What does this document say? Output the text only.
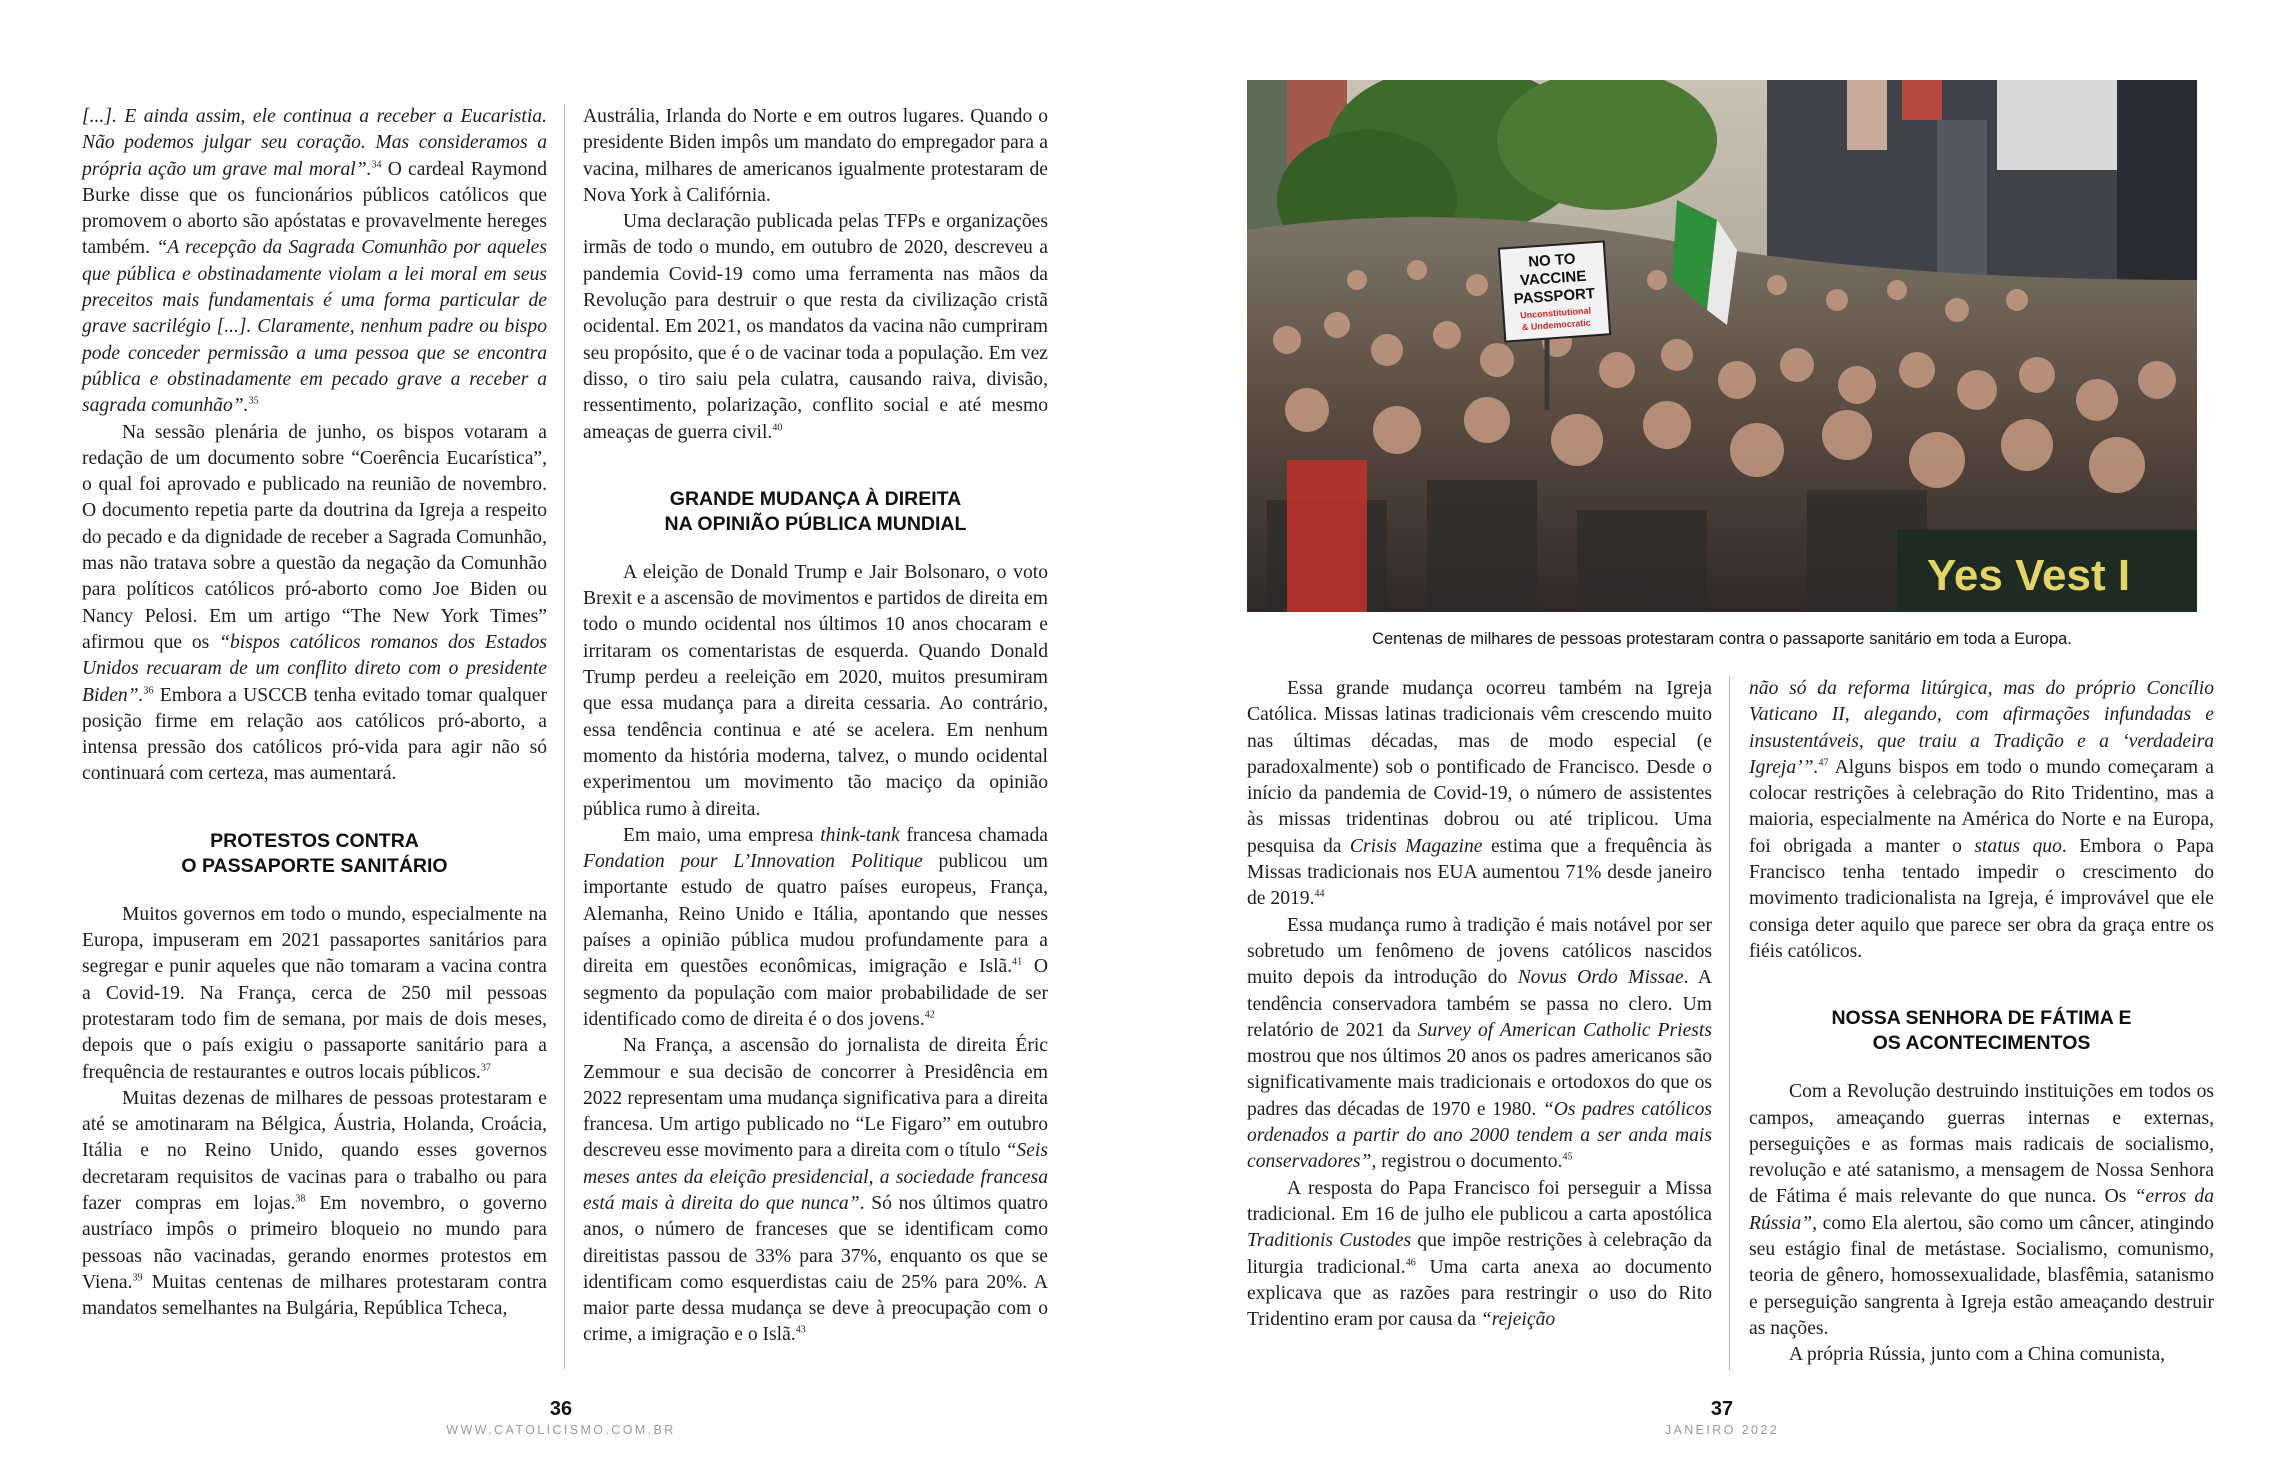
[...]. E ainda assim, ele continua a receber a Eucaristia. Não podemos julgar seu coração. Mas consideramos a própria ação um grave mal moral”.$^{34}$ O cardeal Raymond Burke disse que os funcionários públicos católicos que promovem o aborto são apóstatas e provavelmente hereges também. “A recepção da Sagrada Comunhão por aqueles que pública e obstinadamente violam a lei moral em seus preceitos mais fundamentais é uma forma particular de grave sacrilégio [...]. Claramente, nenhum padre ou bispo pode conceder permissão a uma pessoa que se encontra pública e obstinadamente em pecado grave a receber a sagrada comunhão”.$^{35}$

Na sessão plenária de junho, os bispos votaram a redação de um documento sobre “Coerência Eucarística”, o qual foi aprovado e publicado na reunião de novembro. O documento repetia parte da doutrina da Igreja a respeito do pecado e da dignidade de receber a Sagrada Comunhão, mas não tratava sobre a questão da negação da Comunhão para políticos católicos pró-aborto como Joe Biden ou Nancy Pelosi. Em um artigo “The New York Times” afirmou que os “bispos católicos romanos dos Estados Unidos recuaram de um conflito direto com o presidente Biden”.$^{36}$ Embora a USCCB tenha evitado tomar qualquer posição firme em relação aos católicos pró-aborto, a intensa pressão dos católicos pró-vida para agir não só continuará com certeza, mas aumentará.

PROTESTOS CONTRA
O PASSAPORTE SANITÁRIO

Muitos governos em todo o mundo, especialmente na Europa, impuseram em 2021 passaportes sanitários para segregar e punir aqueles que não tomaram a vacina contra a Covid-19. Na França, cerca de 250 mil pessoas protestaram todo fim de semana, por mais de dois meses, depois que o país exigiu o passaporte sanitário para a frequência de restaurantes e outros locais públicos.$^{37}$

Muitas dezenas de milhares de pessoas protestaram e até se amotinaram na Bélgica, Áustria, Holanda, Croácia, Itália e no Reino Unido, quando esses governos decretaram requisitos de vacinas para o trabalho ou para fazer compras em lojas.$^{38}$ Em novembro, o governo austríaco impôs o primeiro bloqueio no mundo para pessoas não vacinadas, gerando enormes protestos em Viena.$^{39}$ Muitas centenas de milhares protestaram contra mandatos semelhantes na Bulgária, República Tcheca,

Austrália, Irlanda do Norte e em outros lugares. Quando o presidente Biden impôs um mandato do empregador para a vacina, milhares de americanos igualmente protestaram de Nova York à Califórnia.

Uma declaração publicada pelas TFPs e organizações irmãs de todo o mundo, em outubro de 2020, descreveu a pandemia Covid-19 como uma ferramenta nas mãos da Revolução para destruir o que resta da civilização cristã ocidental. Em 2021, os mandatos da vacina não cumpriram seu propósito, que é o de vacinar toda a população. Em vez disso, o tiro saiu pela culatra, causando raiva, divisão, ressentimento, polarização, conflito social e até mesmo ameaças de guerra civil.$^{40}$

GRANDE MUDANÇA À DIREITA
NA OPINIÃO PÚBLICA MUNDIAL

A eleição de Donald Trump e Jair Bolsonaro, o voto Brexit e a ascensão de movimentos e partidos de direita em todo o mundo ocidental nos últimos 10 anos chocaram e irritaram os comentaristas de esquerda. Quando Donald Trump perdeu a reeleição em 2020, muitos presumiram que essa mudança para a direita cessaria. Ao contrário, essa tendência continua e até se acelera. Em nenhum momento da história moderna, talvez, o mundo ocidental experimentou um movimento tão maciço da opinião pública rumo à direita.

Em maio, uma empresa think-tank francesa chamada Fondation pour L’Innovation Politique publicou um importante estudo de quatro países europeus, França, Alemanha, Reino Unido e Itália, apontando que nesses países a opinião pública mudou profundamente para a direita em questões econômicas, imigração e Islã.$^{41}$ O segmento da população com maior probabilidade de ser identificado como de direita é o dos jovens.$^{42}$

Na França, a ascensão do jornalista de direita Éric Zemmour e sua decisão de concorrer à Presidência em 2022 representam uma mudança significativa para a direita francesa. Um artigo publicado no “Le Figaro” em outubro descreveu esse movimento para a direita com o título “Seis meses antes da eleição presidencial, a sociedade francesa está mais à direita do que nunca”. Só nos últimos quatro anos, o número de franceses que se identificam como direitistas passou de 33% para 37%, enquanto os que se identificam como esquerdistas caiu de 25% para 20%. A maior parte dessa mudança se deve à preocupação com o crime, a imigração e o Islã.$^{43}$

36
WWW.CATOLICISMO.COM.BR
NO TO
VACCINE
PASSPORT
Unconstitutional
& Undemocratic
Yes Vest I
Centenas de milhares de pessoas protestaram contra o passaporte sanitário em toda a Europa.

Essa grande mudança ocorreu também na Igreja Católica. Missas latinas tradicionais vêm crescendo muito nas últimas décadas, mas de modo especial (e paradoxalmente) sob o pontificado de Francisco. Desde o início da pandemia de Covid-19, o número de assistentes às missas tridentinas dobrou ou até triplicou. Uma pesquisa da Crisis Magazine estima que a frequência às Missas tradicionais nos EUA aumentou 71% desde janeiro de 2019.44

Essa mudança rumo à tradição é mais notável por ser sobretudo um fenômeno de jovens católicos nascidos muito depois da introdução do Novus Ordo Missae. A tendência conservadora também se passa no clero. Um relatório de 2021 da Survey of American Catholic Priests mostrou que nos últimos 20 anos os padres americanos são significativamente mais tradicionais e ortodoxos do que os padres das décadas de 1970 e 1980. “Os padres católicos ordenados a partir do ano 2000 tendem a ser anda mais conservadores”, registrou o documento.$^{45}$

A resposta do Papa Francisco foi perseguir a Missa tradicional. Em 16 de julho ele publicou a carta apostólica Traditionis Custodes que impõe restrições à celebração da liturgia tradicional.$^{46}$ Uma carta anexa ao documento explicava que as razões para restringir o uso do Rito Tridentino eram por causa da “rejeição

não só da reforma litúrgica, mas do próprio Concílio Vaticano II, alegando, com afirmações infundadas e insustentáveis, que traiu a Tradição e a ‘verdadeira Igreja’”.$^{47}$ Alguns bispos em todo o mundo começaram a colocar restrições à celebração do Rito Tridentino, mas a maioria, especialmente na América do Norte e na Europa, foi obrigada a manter o status quo. Embora o Papa Francisco tenha tentado impedir o crescimento do movimento tradicionalista na Igreja, é improvável que ele consiga deter aquilo que parece ser obra da graça entre os fiéis católicos.

NOSSA SENHORA DE FÁTIMA E
OS ACONTECIMENTOS

Com a Revolução destruindo instituições em todos os campos, ameaçando guerras internas e externas, perseguições e as formas mais radicais de socialismo, revolução e até satanismo, a mensagem de Nossa Senhora de Fátima é mais relevante do que nunca. Os “erros da Rússia”, como Ela alertou, são como um câncer, atingindo seu estágio final de metástase. Socialismo, comunismo, teoria de gênero, homossexualidade, blasfêmia, satanismo e perseguição sangrenta à Igreja estão ameaçando destruir as nações.

A própria Rússia, junto com a China comunista,

37
JANEIRO 2022
